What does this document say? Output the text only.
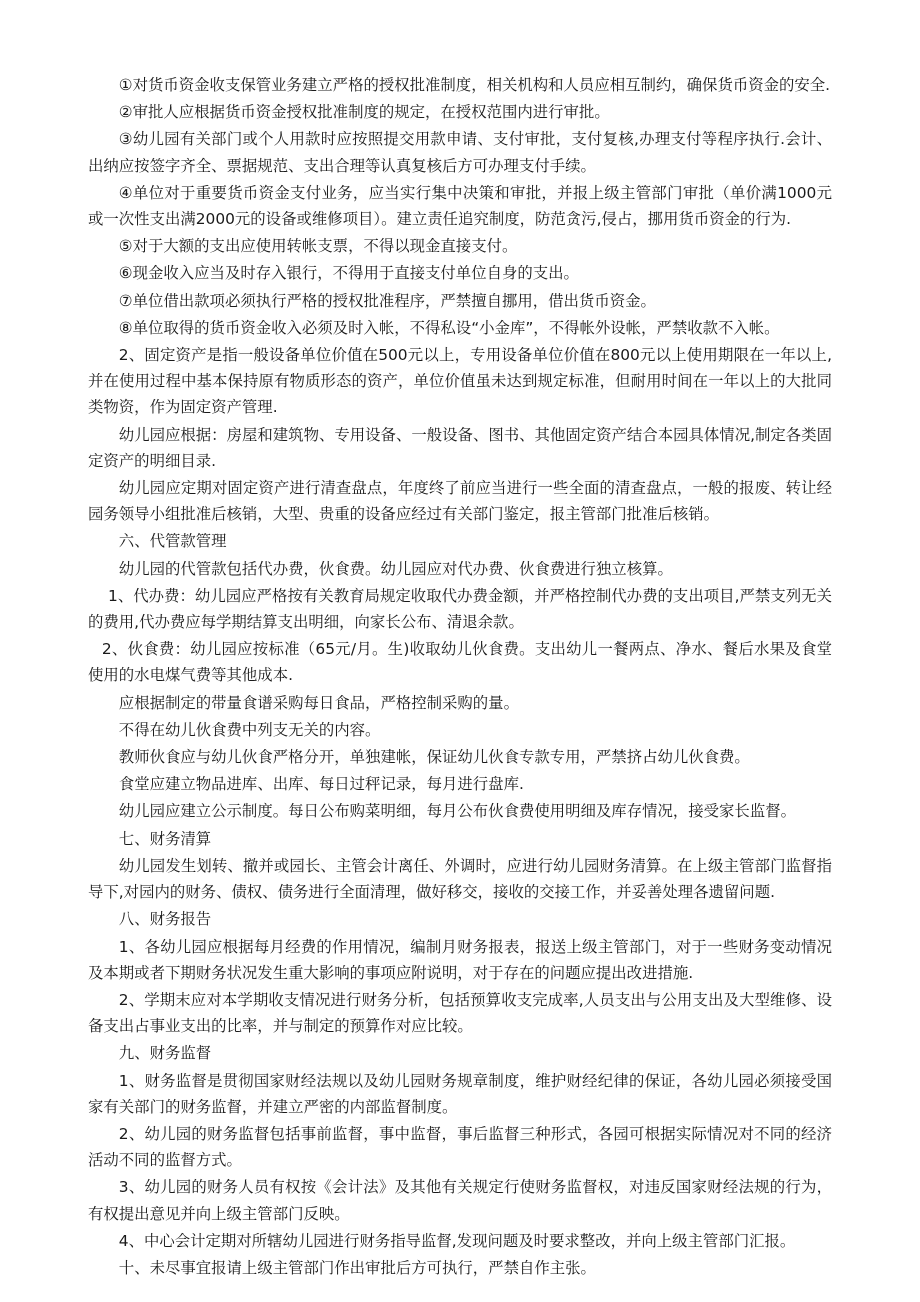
①对货币资金收支保管业务建立严格的授权批准制度，相关机构和人员应相互制约，确保货币资金的安全.

②审批人应根据货币资金授权批准制度的规定，在授权范围内进行审批。

③幼儿园有关部门或个人用款时应按照提交用款申请、支付审批，支付复核,办理支付等程序执行.会计、出纳应按签字齐全、票据规范、支出合理等认真复核后方可办理支付手续。

④单位对于重要货币资金支付业务，应当实行集中决策和审批，并报上级主管部门审批（单价满1000元或一次性支出满2000元的设备或维修项目）。建立责任追究制度，防范贪污,侵占，挪用货币资金的行为.

⑤对于大额的支出应使用转帐支票，不得以现金直接支付。

⑥现金收入应当及时存入银行，不得用于直接支付单位自身的支出。

⑦单位借出款项必须执行严格的授权批准程序，严禁擅自挪用，借出货币资金。

⑧单位取得的货币资金收入必须及时入帐，不得私设“小金库”，不得帐外设帐，严禁收款不入帐。

2、固定资产是指一般设备单位价值在500元以上，专用设备单位价值在800元以上使用期限在一年以上,并在使用过程中基本保持原有物质形态的资产，单位价值虽未达到规定标准，但耐用时间在一年以上的大批同类物资，作为固定资产管理.

幼儿园应根据：房屋和建筑物、专用设备、一般设备、图书、其他固定资产结合本园具体情况,制定各类固定资产的明细目录.

幼儿园应定期对固定资产进行清查盘点，年度终了前应当进行一些全面的清查盘点，一般的报废、转让经园务领导小组批准后核销，大型、贵重的设备应经过有关部门鉴定，报主管部门批准后核销。

六、代管款管理

幼儿园的代管款包括代办费，伙食费。幼儿园应对代办费、伙食费进行独立核算。

1、代办费：幼儿园应严格按有关教育局规定收取代办费金额，并严格控制代办费的支出项目,严禁支列无关的费用,代办费应每学期结算支出明细，向家长公布、清退余款。

2、伙食费：幼儿园应按标准（65元/月。生)收取幼儿伙食费。支出幼儿一餐两点、净水、餐后水果及食堂使用的水电煤气费等其他成本.

应根据制定的带量食谱采购每日食品，严格控制采购的量。

不得在幼儿伙食费中列支无关的内容。

教师伙食应与幼儿伙食严格分开，单独建帐，保证幼儿伙食专款专用，严禁挤占幼儿伙食费。

食堂应建立物品进库、出库、每日过秤记录，每月进行盘库.

幼儿园应建立公示制度。每日公布购菜明细，每月公布伙食费使用明细及库存情况，接受家长监督。

七、财务清算

幼儿园发生划转、撤并或园长、主管会计离任、外调时，应进行幼儿园财务清算。在上级主管部门监督指导下,对园内的财务、债权、债务进行全面清理，做好移交，接收的交接工作，并妥善处理各遗留问题.

八、财务报告

1、各幼儿园应根据每月经费的作用情况，编制月财务报表，报送上级主管部门，对于一些财务变动情况及本期或者下期财务状况发生重大影响的事项应附说明，对于存在的问题应提出改进措施.

2、学期末应对本学期收支情况进行财务分析，包括预算收支完成率,人员支出与公用支出及大型维修、设备支出占事业支出的比率，并与制定的预算作对应比较。

九、财务监督

1、财务监督是贯彻国家财经法规以及幼儿园财务规章制度，维护财经纪律的保证，各幼儿园必须接受国家有关部门的财务监督，并建立严密的内部监督制度。

2、幼儿园的财务监督包括事前监督，事中监督，事后监督三种形式，各园可根据实际情况对不同的经济活动不同的监督方式。

3、幼儿园的财务人员有权按《会计法》及其他有关规定行使财务监督权，对违反国家财经法规的行为，有权提出意见并向上级主管部门反映。

4、中心会计定期对所辖幼儿园进行财务指导监督,发现问题及时要求整改，并向上级主管部门汇报。

十、未尽事宜报请上级主管部门作出审批后方可执行，严禁自作主张。
